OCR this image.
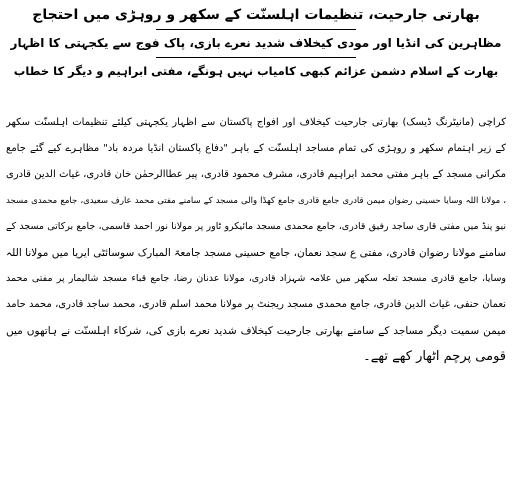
بھارتی جارحیت، تنظیمات اہلسنّت کے سکھر و روہڑی میں احتجاج
مظاہرین کی انڈیا اور مودی کیخلاف شدید نعرے بازی، پاک فوج سے یکجہتی کا اظہار
بھارت کے اسلام دشمن عزائم کبھی کامیاب نہیں ہونگے، مفتی ابراہیم و دیگر کا خطاب
کراچی (مانیٹرنگ ڈیسک) بھارتی جارحیت کیخلاف اور افواج پاکستان سے اظہار یکجہتی کیلئے تنظیمات اہلسنّت سکھر
کے زیر اہتمام سکھر و روہڑی کی تمام مساجد اہلسنّت کے باہر "دفاع پاکستان انڈیا مردہ باد" مظاہرے کیے گئے جامع
مکرانی مسجد کے باہر مفتی محمد ابراہیم قادری، مشرف محمود قادری، پیر عطاالرحمٰن خان قادری، غیاث الدین قادری
، مولانا اللہ وسایا حسینی رضوان میمن قادری جامع قادری جامع کھڈا والی مسجد کے سامنے مفتی محمد عارف سعیدی، جامع محمدی مسجد
نیو پنڈ میں مفتی قاری ساجد رفیق قادری، جامع محمدی مسجد مائیکرو ٹاور پر مولانا نور احمد قاسمی، جامع برکاتی مسجد کے
سامنے مولانا رضوان قادری، مفتی ع سجد نعمان، جامع حسینی مسجد جامعۃ المبارک سوسائٹی ایریا میں مولانا اللہ
وسایا، جامع قادری مسجد تعلہ سکھر میں علامہ شہزاد قادری، مولانا عدنان رضا، جامع قباء مسجد شالیمار پر مفتی محمد
نعمان حنفی، غیاث الدین قادری، جامع محمدی مسجد ریجنٹ پر مولانا محمد اسلم قادری، محمد ساجد قادری، محمد حامد
میمن سمیت دیگر مساجد کے سامنے بھارتی جارحیت کیخلاف شدید نعرے بازی کی، شرکاء اہلسنّت نے ہاتھوں میں
قومی پرچم اٹھار کھے تھے۔
